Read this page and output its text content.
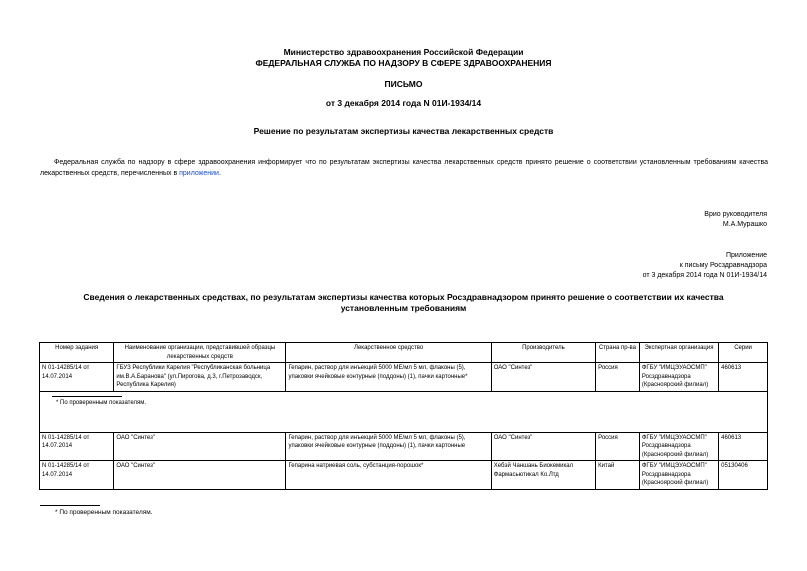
Министерство здравоохранения Российской Федерации
ФЕДЕРАЛЬНАЯ СЛУЖБА ПО НАДЗОРУ В СФЕРЕ ЗДРАВООХРАНЕНИЯ
ПИСЬМО
от 3 декабря 2014 года N 01И-1934/14
Решение по результатам экспертизы качества лекарственных средств
Федеральная служба по надзору в сфере здравоохранения информирует что по результатам экспертизы качества лекарственных средств принято решение о соответствии установленным требованиям качества лекарственных средств, перечисленных в приложении.
Врио руководителя
М.А.Мурашко
Приложение
к письму Росздравнадзора
от 3 декабря 2014 года N 01И-1934/14
Сведения о лекарственных средствах, по результатам экспертизы качества которых Росздравнадзором принято решение о соответствии их качества установленным требованиям
Номер задания	Наименование организации, представившей образцы лекарственных средств	Лекарственное средство	Производитель	Страна пр-ва	Экспертная организация	Серии
N 01-14285/14 от 14.07.2014	ГБУЗ Республики Карелия "Республиканская больница им.В.А.Баранова" (ул.Пирогова, д.3, г.Петрозаводск, Республика Карелия)	Гепарин, раствор для инъекций 5000 МЕ/мл 5 мл, флаконы (5), упаковки ячейковые контурные (поддоны) (1), пачки картонные*	ОАО "Синтез"	Россия	ФГБУ "ИМЦЭУАОСМП" Росздравнадзора (Красноярский филиал)	460613

* По проверенным показателям.						

N 01-14285/14 от 14.07.2014	ОАО "Синтез"	Гепарин, раствор для инъекций 5000 МЕ/мл 5 мл, флаконы (5), упаковки ячейковые контурные (поддоны) (1), пачки картонные	ОАО "Синтез"	Россия	ФГБУ "ИМЦЭУАОСМП" Росздравнадзора (Красноярский филиал)	460613
N 01-14285/14 от 14.07.2014	ОАО "Синтез"	Гепарина натриевая соль, субстанция-порошок*	Хебэй Чаншань Биокемикал Фармасьютикал Ко.Лтд	Китай	ФГБУ "ИМЦЭУАОСМП" Росздравнадзора (Красноярский филиал)	05130406
* По проверенным показателям.
